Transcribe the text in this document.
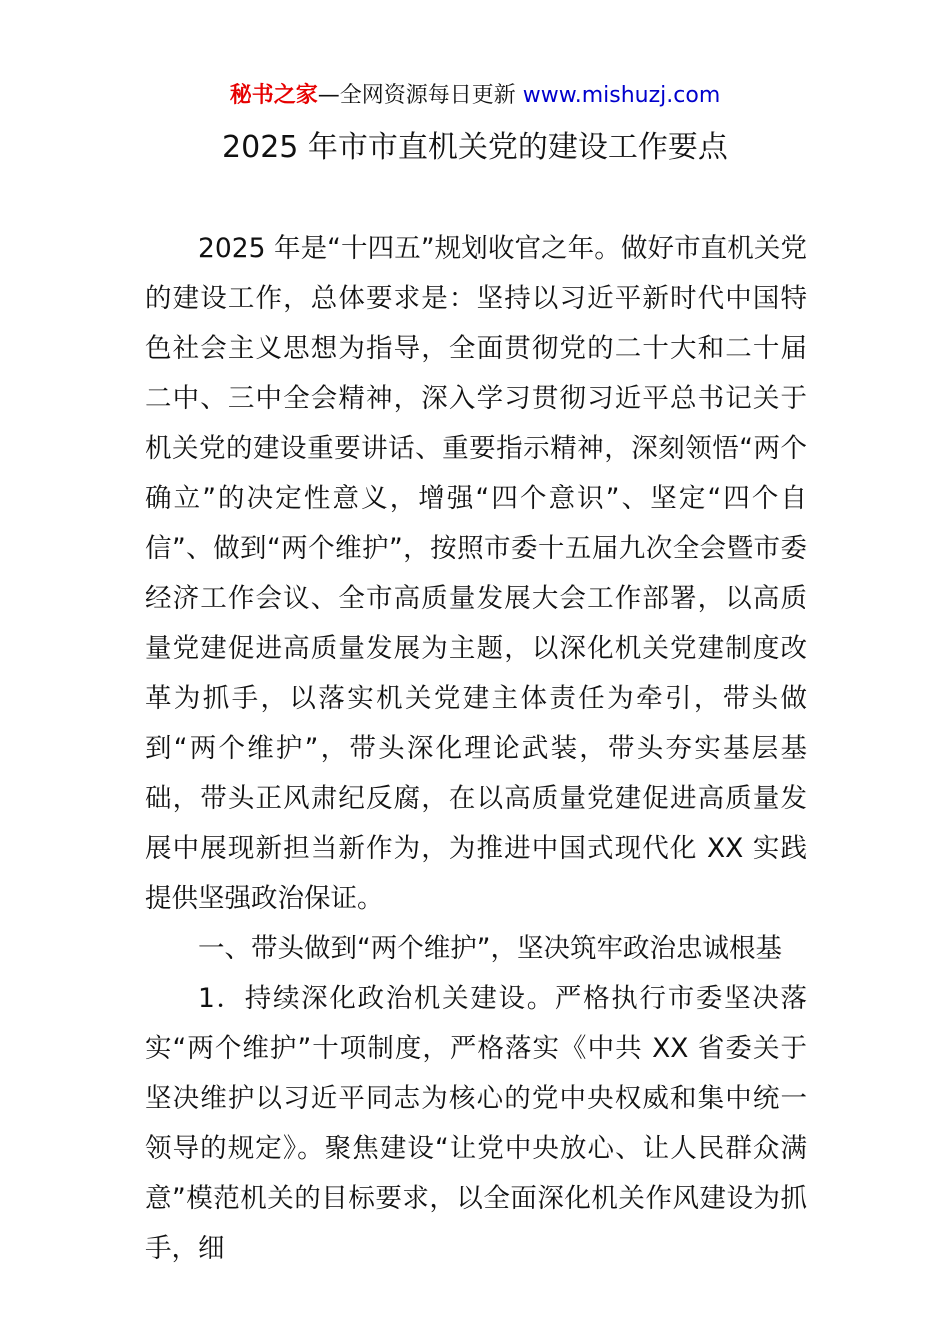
秘书之家—全网资源每日更新 www.mishuzj.com
2025 年市市直机关党的建设工作要点

2025 年是“十四五”规划收官之年。做好市直机关党的建设工作，总体要求是：坚持以习近平新时代中国特色社会主义思想为指导，全面贯彻党的二十大和二十届二中、三中全会精神，深入学习贯彻习近平总书记关于机关党的建设重要讲话、重要指示精神，深刻领悟“两个确立”的决定性意义，增强“四个意识”、坚定“四个自信”、做到“两个维护”，按照市委十五届九次全会暨市委经济工作会议、全市高质量发展大会工作部署，以高质量党建促进高质量发展为主题，以深化机关党建制度改革为抓手，以落实机关党建主体责任为牵引，带头做到“两个维护”，带头深化理论武装，带头夯实基层基础，带头正风肃纪反腐，在以高质量党建促进高质量发展中展现新担当新作为，为推进中国式现代化 XX 实践提供坚强政治保证。

一、带头做到“两个维护”，坚决筑牢政治忠诚根基

1．持续深化政治机关建设。严格执行市委坚决落实“两个维护”十项制度，严格落实《中共 XX 省委关于坚决维护以习近平同志为核心的党中央权威和集中统一领导的规定》。聚焦建设“让党中央放心、让人民群众满意”模范机关的目标要求，以全面深化机关作风建设为抓手，细
